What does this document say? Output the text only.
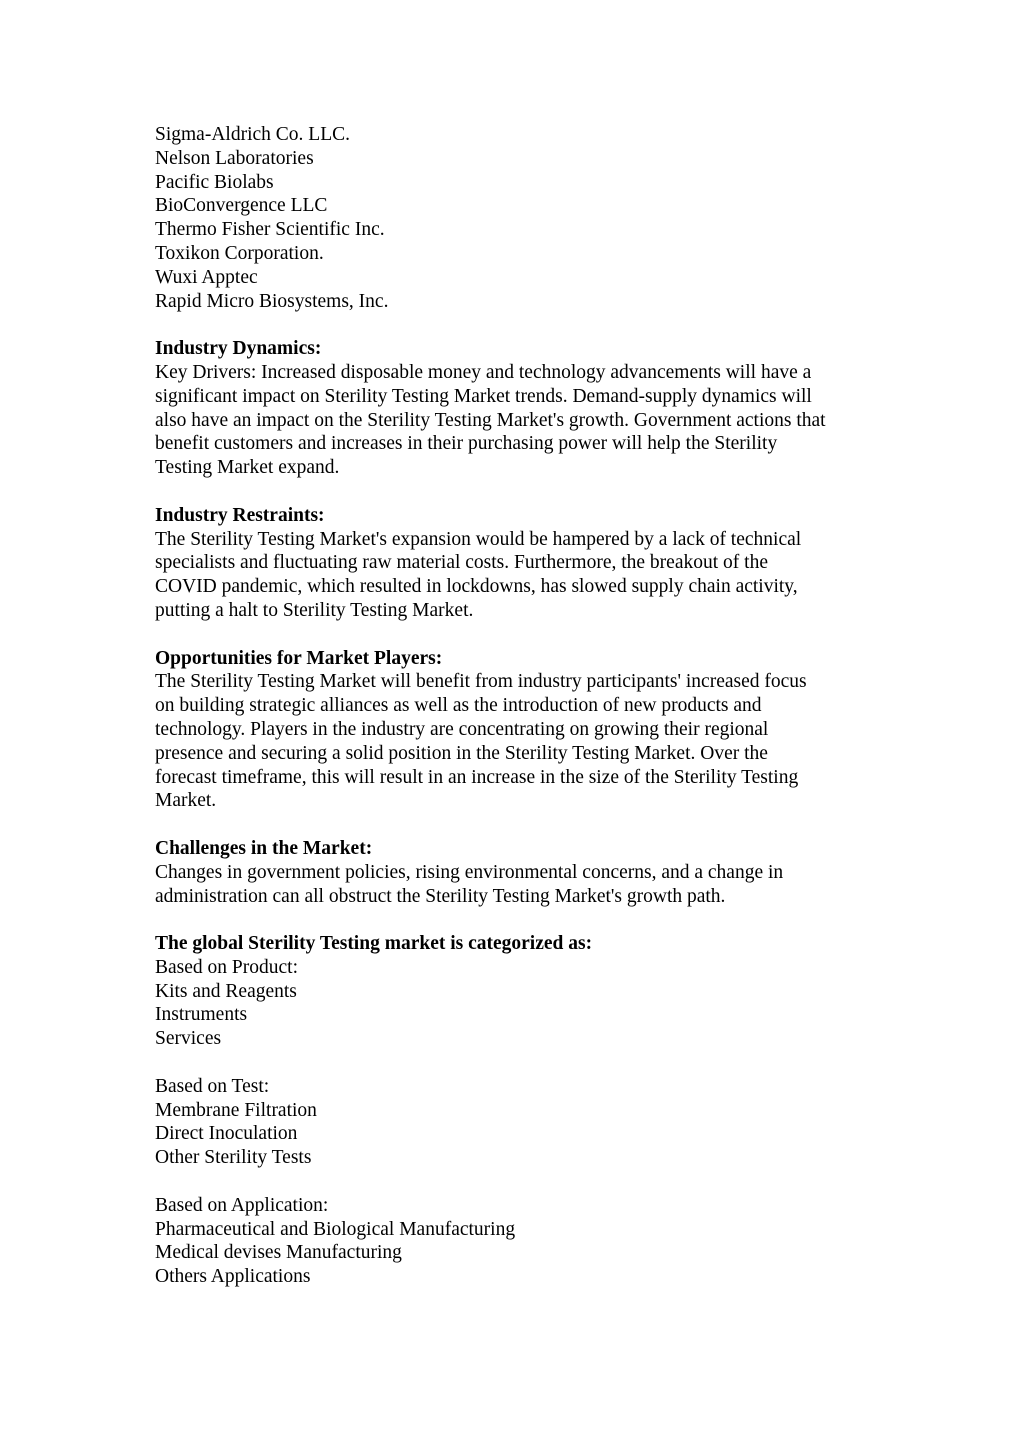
Sigma-Aldrich Co. LLC.
Nelson Laboratories
Pacific Biolabs
BioConvergence LLC
Thermo Fisher Scientific Inc.
Toxikon Corporation.
Wuxi Apptec
Rapid Micro Biosystems, Inc.
Industry Dynamics:
Key Drivers: Increased disposable money and technology advancements will have a
significant impact on Sterility Testing Market trends. Demand-supply dynamics will
also have an impact on the Sterility Testing Market's growth. Government actions that
benefit customers and increases in their purchasing power will help the Sterility
Testing Market expand.
Industry Restraints:
The Sterility Testing Market's expansion would be hampered by a lack of technical
specialists and fluctuating raw material costs. Furthermore, the breakout of the
COVID pandemic, which resulted in lockdowns, has slowed supply chain activity,
putting a halt to Sterility Testing Market.
Opportunities for Market Players:
The Sterility Testing Market will benefit from industry participants' increased focus
on building strategic alliances as well as the introduction of new products and
technology. Players in the industry are concentrating on growing their regional
presence and securing a solid position in the Sterility Testing Market. Over the
forecast timeframe, this will result in an increase in the size of the Sterility Testing
Market.
Challenges in the Market:
Changes in government policies, rising environmental concerns, and a change in
administration can all obstruct the Sterility Testing Market's growth path.
The global Sterility Testing market is categorized as:
Based on Product:
Kits and Reagents
Instruments
Services
Based on Test:
Membrane Filtration
Direct Inoculation
Other Sterility Tests
Based on Application:
Pharmaceutical and Biological Manufacturing
Medical devises Manufacturing
Others Applications
